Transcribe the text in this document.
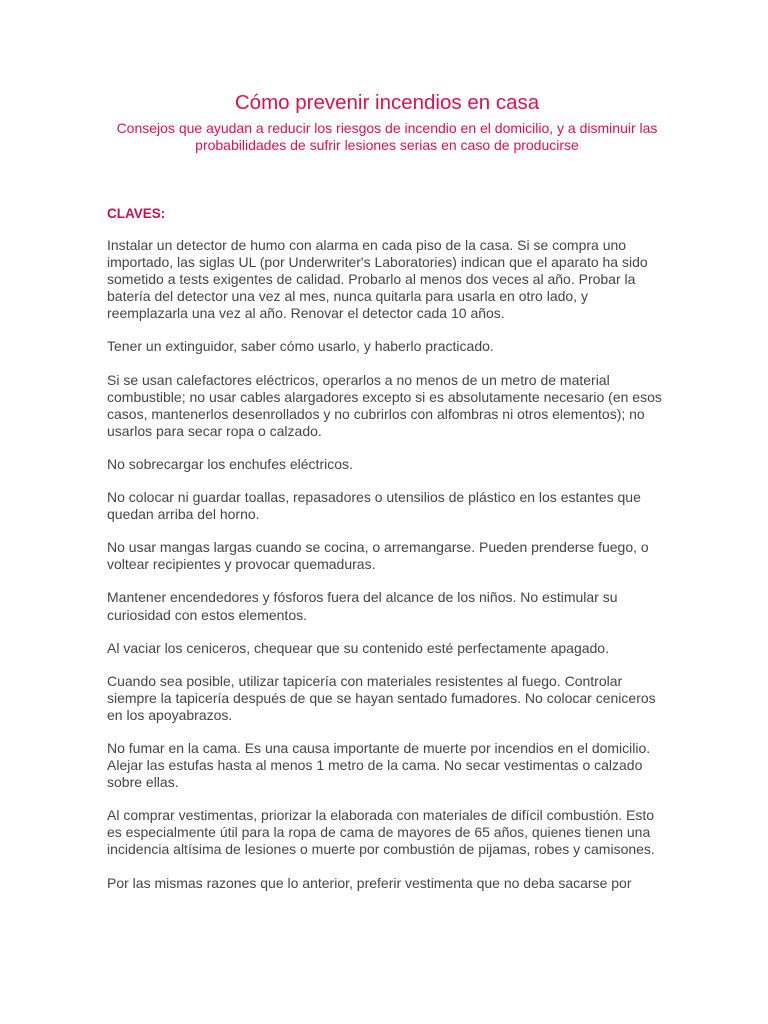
Cómo prevenir incendios en casa
Consejos que ayudan a reducir los riesgos de incendio en el domicilio, y a disminuir las probabilidades de sufrir lesiones serias en caso de producirse
CLAVES:

Instalar un detector de humo con alarma en cada piso de la casa. Si se compra uno importado, las siglas UL (por Underwriter's Laboratories) indican que el aparato ha sido sometido a tests exigentes de calidad. Probarlo al menos dos veces al año. Probar la batería del detector una vez al mes, nunca quitarla para usarla en otro lado, y reemplazarla una vez al año. Renovar el detector cada 10 años.

Tener un extinguidor, saber cómo usarlo, y haberlo practicado.

Si se usan calefactores eléctricos, operarlos a no menos de un metro de material combustible; no usar cables alargadores excepto si es absolutamente necesario (en esos casos, mantenerlos desenrollados y no cubrirlos con alfombras ni otros elementos); no usarlos para secar ropa o calzado.

No sobrecargar los enchufes eléctricos.

No colocar ni guardar toallas, repasadores o utensilios de plástico en los estantes que quedan arriba del horno.

No usar mangas largas cuando se cocina, o arremangarse. Pueden prenderse fuego, o voltear recipientes y provocar quemaduras.

Mantener encendedores y fósforos fuera del alcance de los niños. No estimular su curiosidad con estos elementos.

Al vaciar los ceniceros, chequear que su contenido esté perfectamente apagado.

Cuando sea posible, utilizar tapicería con materiales resistentes al fuego. Controlar siempre la tapicería después de que se hayan sentado fumadores. No colocar ceniceros en los apoyabrazos.

No fumar en la cama. Es una causa importante de muerte por incendios en el domicilio. Alejar las estufas hasta al menos 1 metro de la cama. No secar vestimentas o calzado sobre ellas.

Al comprar vestimentas, priorizar la elaborada con materiales de difícil combustión. Esto es especialmente útil para la ropa de cama de mayores de 65 años, quienes tienen una incidencia altísima de lesiones o muerte por combustión de pijamas, robes y camisones.

Por las mismas razones que lo anterior, preferir vestimenta que no deba sacarse por
